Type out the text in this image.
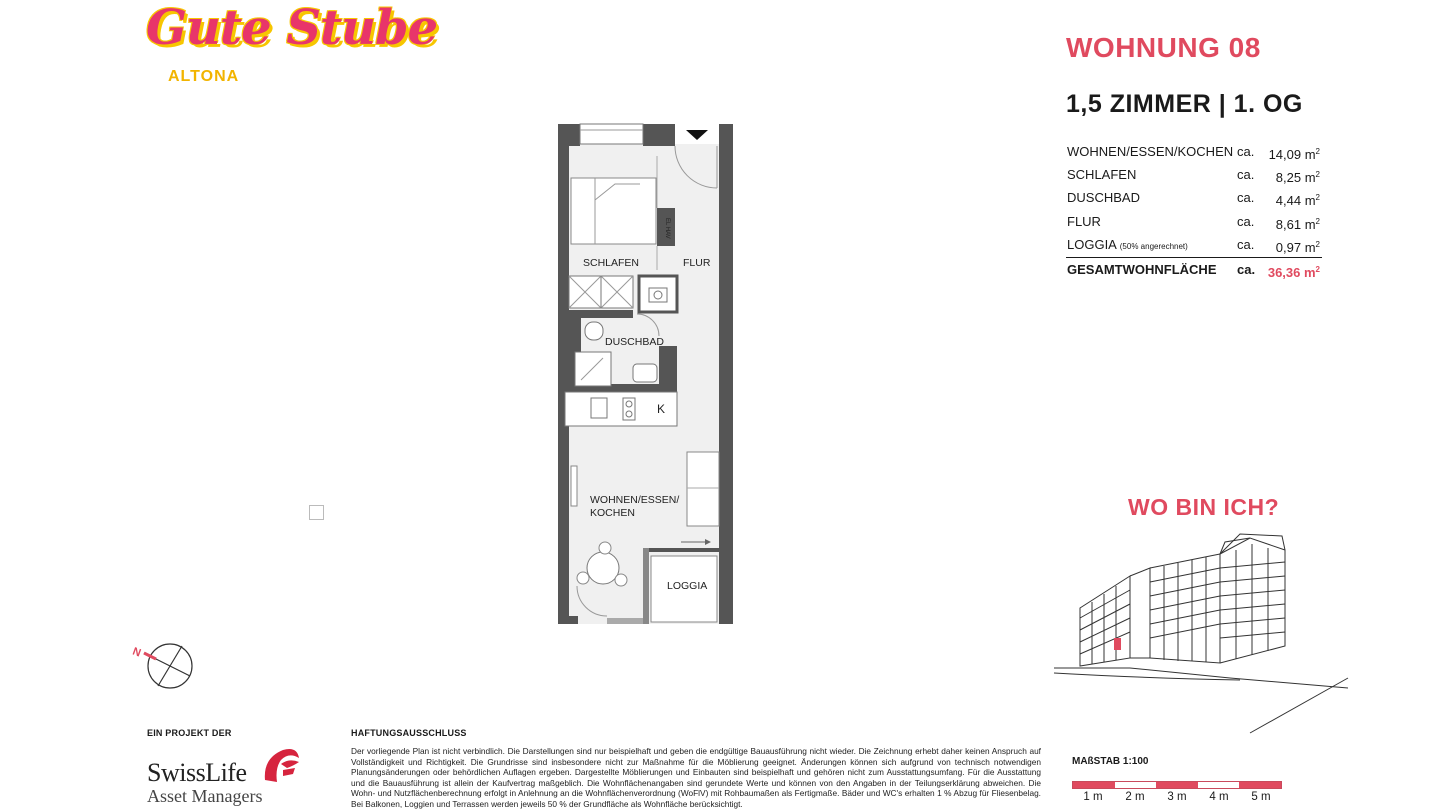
Gute Stube
ALTONA
WOHNUNG 08
1,5 ZIMMER | 1. OG
WOHNEN/ESSEN/KOCHEN ca. 14,09 $m^2$
SCHLAFEN	ca. 8,25 $m^2$
DUSCHBAD	ca. 4,44 $m^2$
FLUR	ca. 8,61 $m^2$
LOGGIA (50% angerechnet)	ca. 0,97 $m^2$
GESAMTWOHNFLÄCHE ca. 36,36 $m^2$
SCHLAFEN	FLUR
DUSCHBAD
K
WOHNEN/ESSEN/
KOCHEN
LOGGIA
EL HAV
N
WO BIN ICH?
EIN PROJEKT DER
SwissLife
Asset Managers
HAFTUNGSAUSSCHLUSS
Der vorliegende Plan ist nicht verbindlich. Die Darstellungen sind nur beispielhaft und geben die endgültige Bauausführung nicht wieder. Die Zeichnung erhebt daher keinen Anspruch auf Vollständigkeit und Richtigkeit. Die Grundrisse sind insbesondere nicht zur Maßnahme für die Möblierung geeignet. Änderungen können sich aufgrund von technisch notwendigen Planungsänderungen oder behördlichen Auflagen ergeben. Dargestellte Möblierungen und Einbauten sind beispielhaft und gehören nicht zum Ausstattungsumfang. Für die Ausstattung und die Bauausführung ist allein der Kaufvertrag maßgeblich. Die Wohnflächenangaben sind gerundete Werte und können von den Angaben in der Teilungserklärung abweichen. Die Wohn- und Nutzflächenberechnung erfolgt in Anlehnung an die Wohnflächenverordnung (WoFlV) mit Rohbaumaßen als Fertigmaße. Bäder und WC's erhalten 1 % Abzug für Fliesenbelag. Bei Balkonen, Loggien und Terrassen werden jeweils 50 % der Grundfläche als Wohnfläche berücksichtigt.
MAßSTAB 1:100
1 m 2 m 3 m 4 m 5 m
